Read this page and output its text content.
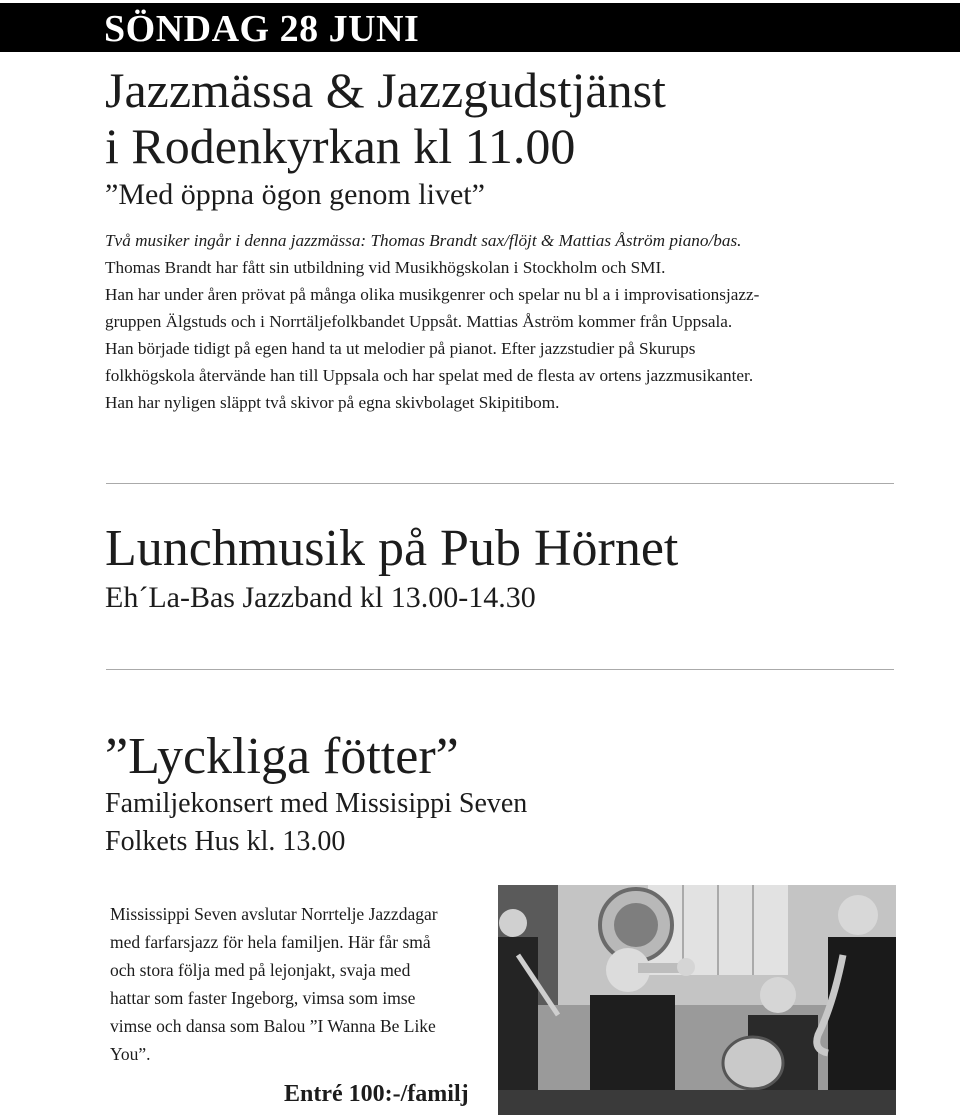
SÖNDAG 28 JUNI
Jazzmässa & Jazzgudstjänst
i Rodenkyrkan kl 11.00
”Med öppna ögon genom livet”
Två musiker ingår i denna jazzmässa: Thomas Brandt sax/flöjt & Mattias Åström piano/bas.
Thomas Brandt har fått sin utbildning vid Musikhögskolan i Stockholm och SMI.
Han har under åren prövat på många olika musikgenrer och spelar nu bl a i improvisationsjazz-
gruppen Älgstuds och i Norrtäljefolkbandet Uppsåt. Mattias Åström kommer från Uppsala.
Han började tidigt på egen hand ta ut melodier på pianot. Efter jazzstudier på Skurups
folkhögskola återvände han till Uppsala och har spelat med de flesta av ortens jazzmusikanter.
Han har nyligen släppt två skivor på egna skivbolaget Skipitibom.
Lunchmusik på Pub Hörnet
Eh´La-Bas Jazzband kl 13.00-14.30
”Lyckliga fötter”
Familjekonsert med Missisippi Seven
Folkets Hus kl. 13.00
Mississippi Seven avslutar Norrtelje Jazzdagar
med farfarsjazz för hela familjen. Här får små
och stora följa med på lejonjakt, svaja med
hattar som faster Ingeborg, vimsa som imse
vimse och dansa som Balou ”I Wanna Be Like
You”.
Entré 100:-/familj
